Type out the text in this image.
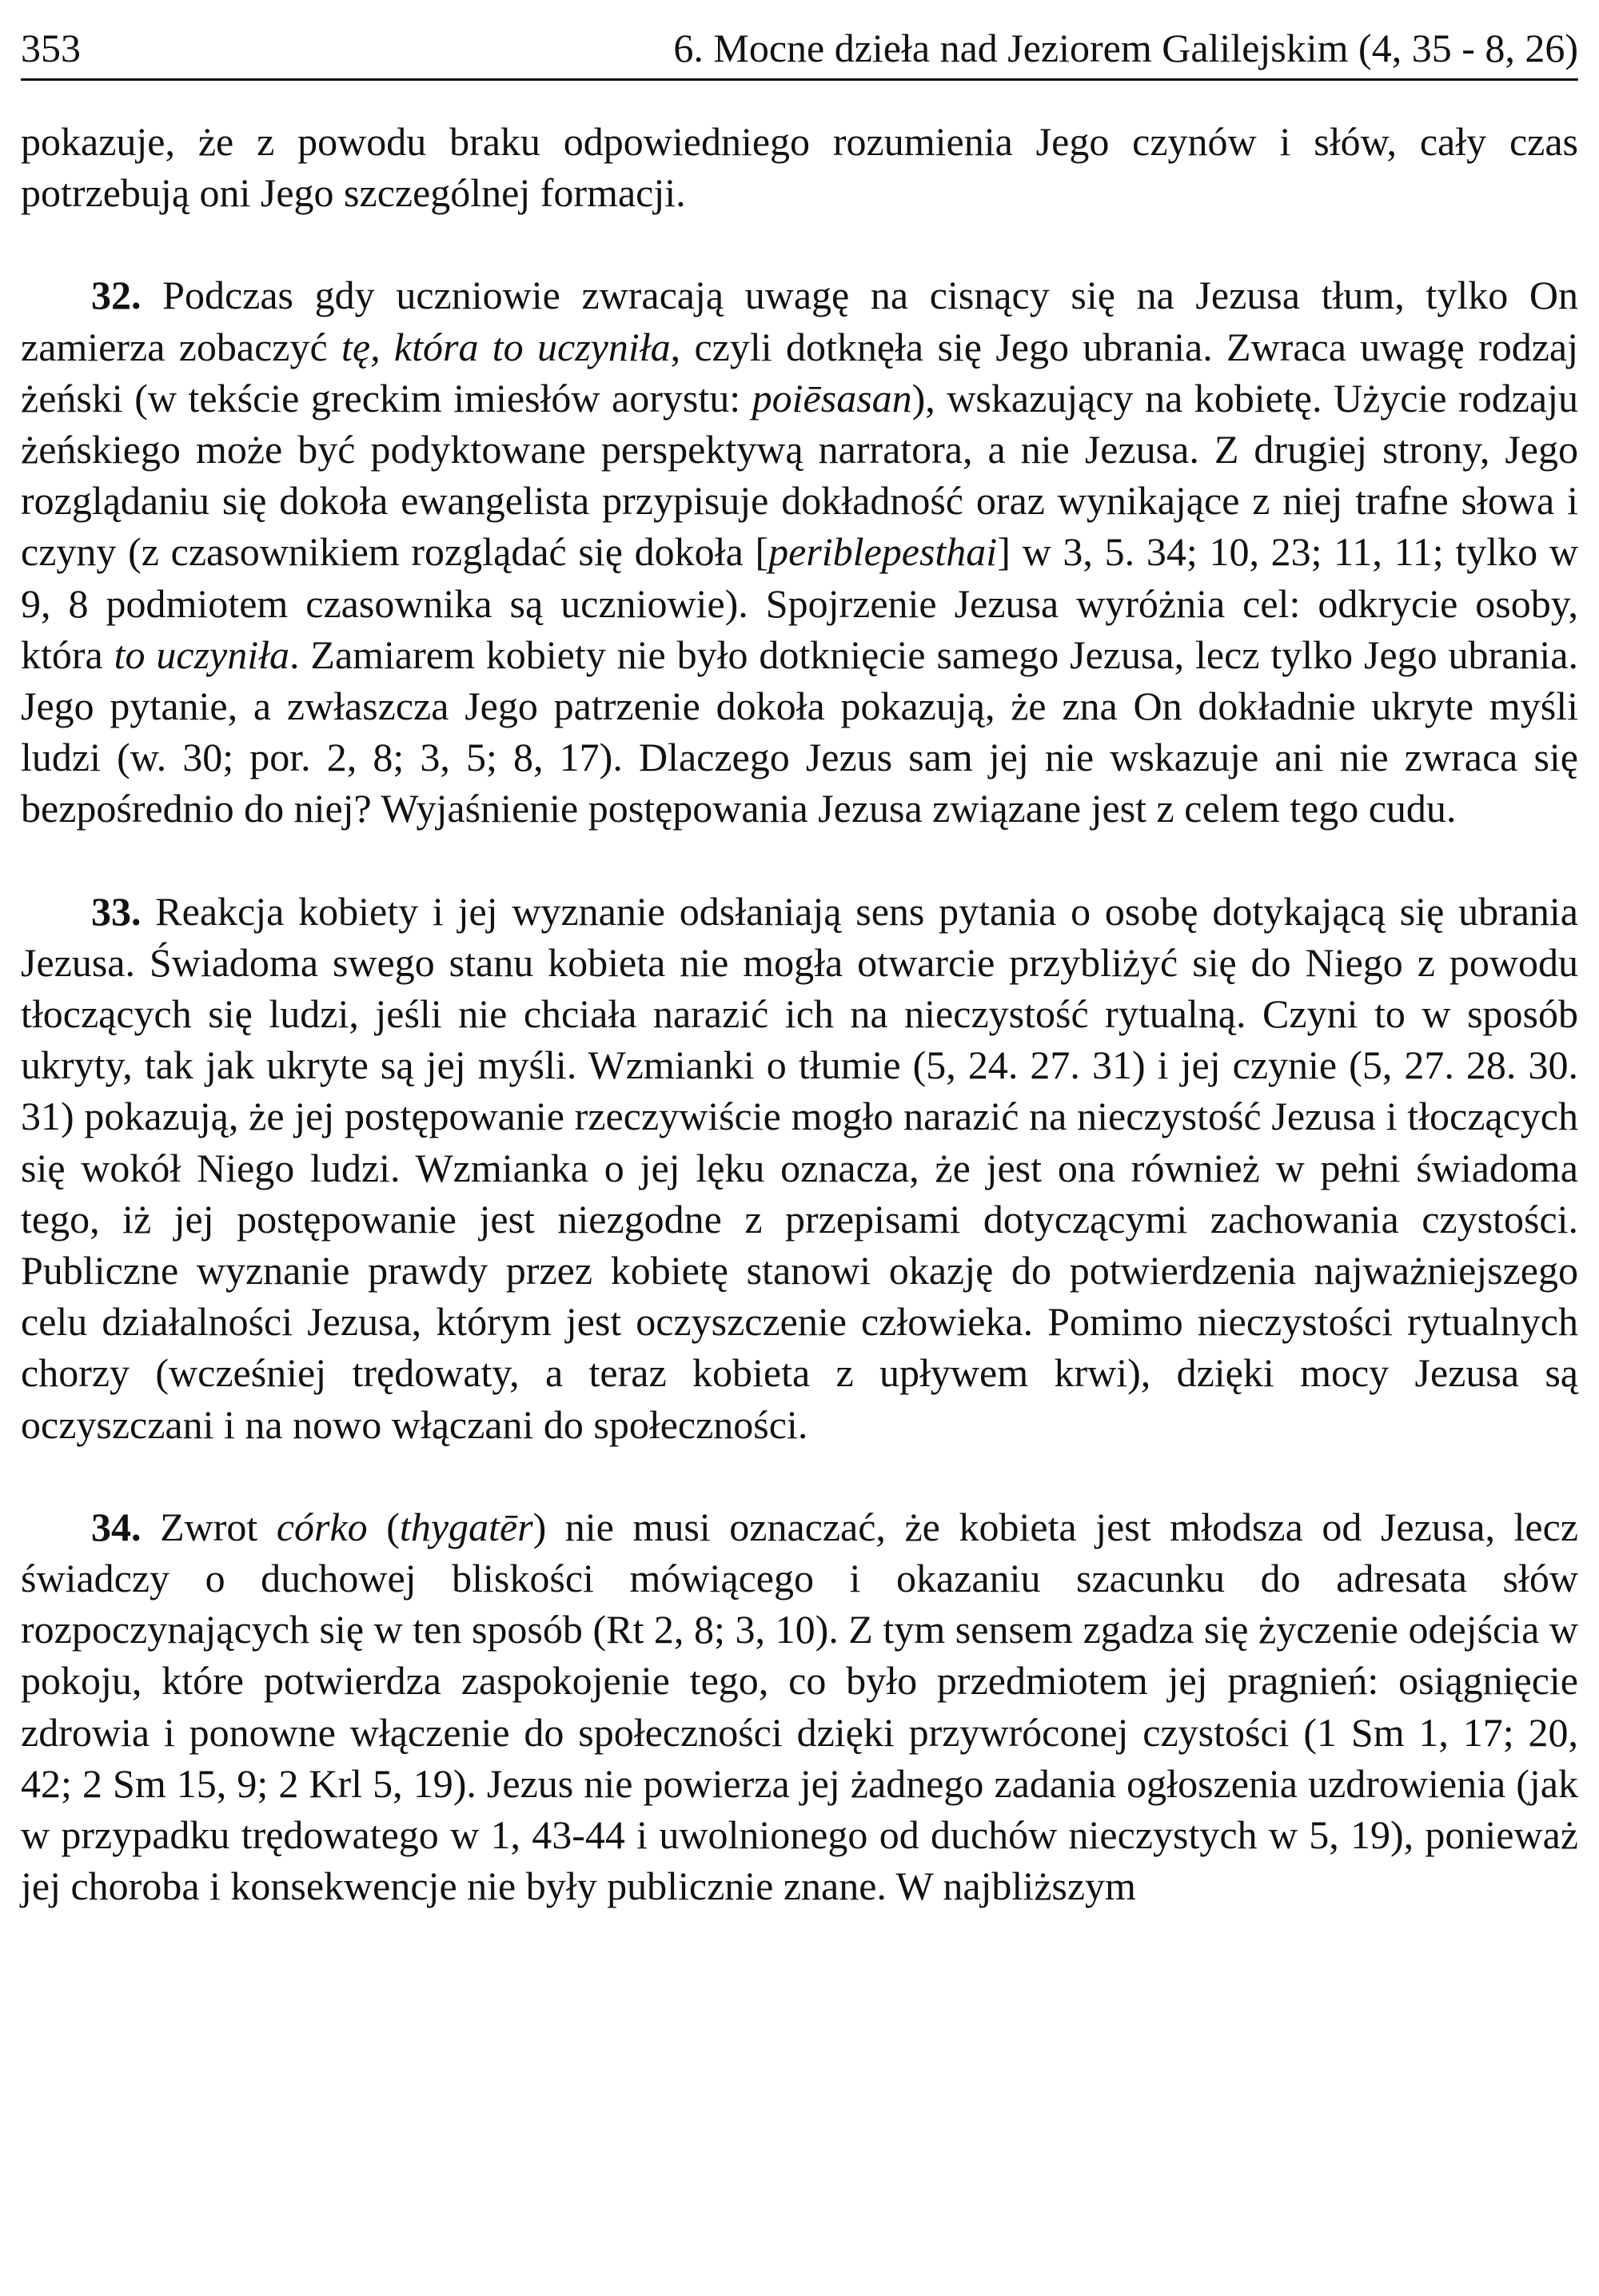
353	6. Mocne dzieła nad Jeziorem Galilejskim (4, 35 - 8, 26)

pokazuje, że z powodu braku odpowiedniego rozumienia Jego czynów i słów, cały czas potrzebują oni Jego szczególnej formacji.

32. Podczas gdy uczniowie zwracają uwagę na cisnący się na Jezusa tłum, tylko On zamierza zobaczyć tę, która to uczyniła, czyli dotknęła się Jego ubrania. Zwraca uwagę rodzaj żeński (w tekście greckim imiesłów aorystu: poiēsasan), wskazujący na kobietę. Użycie rodzaju żeńskiego może być podyktowane perspektywą narratora, a nie Jezusa. Z drugiej strony, Jego rozglądaniu się dokoła ewangelista przypisuje dokładność oraz wynikające z niej trafne słowa i czyny (z czasownikiem rozglądać się dokoła [periblepesthai] w 3, 5. 34; 10, 23; 11, 11; tylko w 9, 8 podmiotem czasownika są uczniowie). Spojrzenie Jezusa wyróżnia cel: odkrycie osoby, która to uczyniła. Zamiarem kobiety nie było dotknięcie samego Jezusa, lecz tylko Jego ubrania. Jego pytanie, a zwłaszcza Jego patrzenie dokoła pokazują, że zna On dokładnie ukryte myśli ludzi (w. 30; por. 2, 8; 3, 5; 8, 17). Dlaczego Jezus sam jej nie wskazuje ani nie zwraca się bezpośrednio do niej? Wyjaśnienie postępowania Jezusa związane jest z celem tego cudu.

33. Reakcja kobiety i jej wyznanie odsłaniają sens pytania o osobę dotykającą się ubrania Jezusa. Świadoma swego stanu kobieta nie mogła otwarcie przybliżyć się do Niego z powodu tłoczących się ludzi, jeśli nie chciała narazić ich na nieczystość rytualną. Czyni to w sposób ukryty, tak jak ukryte są jej myśli. Wzmianki o tłumie (5, 24. 27. 31) i jej czynie (5, 27. 28. 30. 31) pokazują, że jej postępowanie rzeczywiście mogło narazić na nieczystość Jezusa i tłoczących się wokół Niego ludzi. Wzmianka o jej lęku oznacza, że jest ona również w pełni świadoma tego, iż jej postępowanie jest niezgodne z przepisami dotyczącymi zachowania czystości. Publiczne wyznanie prawdy przez kobietę stanowi okazję do potwierdzenia najważniejszego celu działalności Jezusa, którym jest oczyszczenie człowieka. Pomimo nieczystości rytualnych chorzy (wcześniej trędowaty, a teraz kobieta z upływem krwi), dzięki mocy Jezusa są oczyszczani i na nowo włączani do społeczności.

34. Zwrot córko (thygatēr) nie musi oznaczać, że kobieta jest młodsza od Jezusa, lecz świadczy o duchowej bliskości mówiącego i okazaniu szacunku do adresata słów rozpoczynających się w ten sposób (Rt 2, 8; 3, 10). Z tym sensem zgadza się życzenie odejścia w pokoju, które potwierdza zaspokojenie tego, co było przedmiotem jej pragnień: osiągnięcie zdrowia i ponowne włączenie do społeczności dzięki przywróconej czystości (1 Sm 1, 17; 20, 42; 2 Sm 15, 9; 2 Krl 5, 19). Jezus nie powierza jej żadnego zadania ogłoszenia uzdrowienia (jak w przypadku trędowatego w 1, 43-44 i uwolnionego od duchów nieczystych w 5, 19), ponieważ jej choroba i konsekwencje nie były publicznie znane. W najbliższym
